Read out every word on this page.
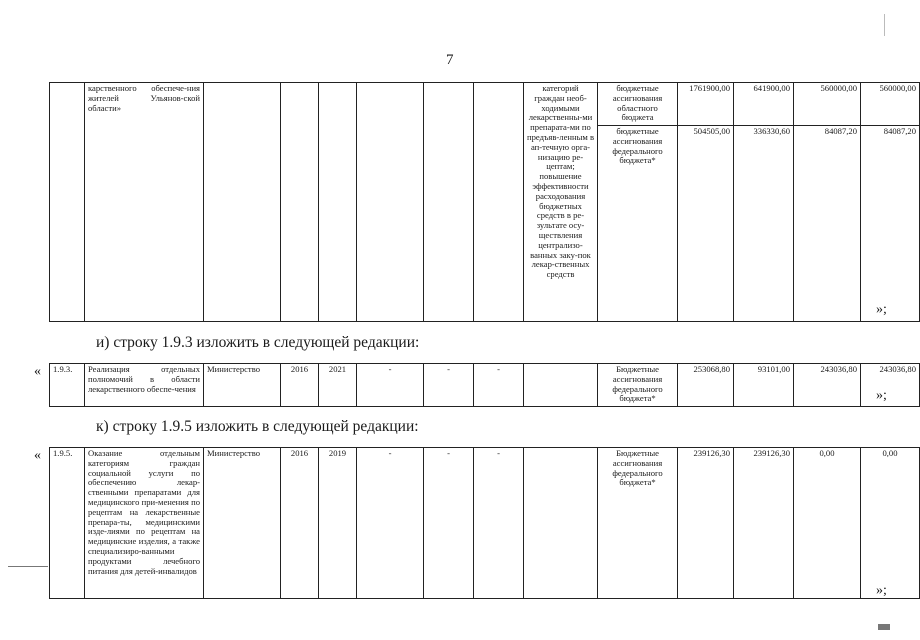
7
	карственного обеспече-ния жителей Ульянов-ской области»							категорий граждан необ-ходимыми лекарственны-ми препарата-ми по предъяв-ленным в ап-течную орга-низацию ре-цептам; повышение эффективности расходования бюджетных средств в ре-зультате осу-ществления централизо-ванных заку-пок лекар-ственных средств	бюджетные ассигнования областного бюджета	1761900,00	641900,00	560000,00	560000,00
									бюджетные ассигнования федерального бюджета*	504505,00	336330,60	84087,20	84087,20
»;
и) строку 1.9.3 изложить в следующей редакции:
« 1.9.3.	Реализация отдельных полномочий в области лекарственного обеспе-чения	Министерство	2016	2021	-	-	-		Бюджетные ассигнования федерального бюджета*	253068,80	93101,00	243036,80	243036,80
»;
к) строку 1.9.5 изложить в следующей редакции:
« 1.9.5.	Оказание отдельным категориям граждан социальной услуги по обеспечению лекар-ственными препаратами для медицинского при-менения по рецептам на лекарственные препара-ты, медицинскими изде-лиями по рецептам на медицинские изделия, а также специализиро-ванными продуктами лечебного питания для детей-инвалидов	Министерство	2016	2019	-	-	-		Бюджетные ассигнования федерального бюджета*	239126,30	239126,30	0,00	0,00
»;
